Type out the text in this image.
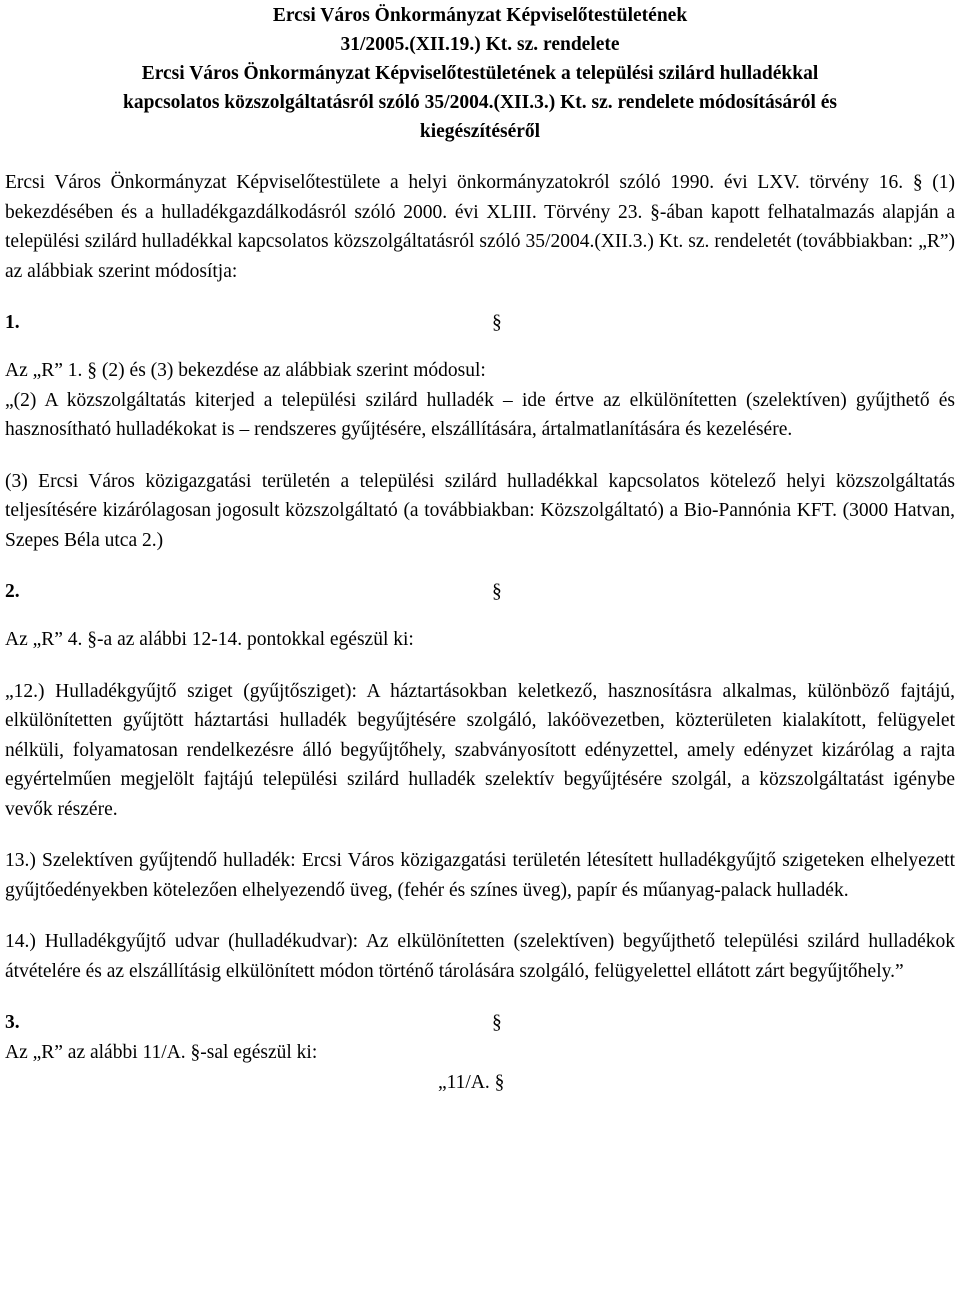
Ercsi Város Önkormányzat Képviselőtestületének
31/2005.(XII.19.) Kt. sz. rendelete
Ercsi Város Önkormányzat Képviselőtestületének a települési szilárd hulladékkal
kapcsolatos közszolgáltatásról szóló 35/2004.(XII.3.) Kt. sz. rendelete módosításáról és
kiegészítéséről

Ercsi Város Önkormányzat Képviselőtestülete a helyi önkormányzatokról szóló 1990. évi LXV. törvény 16. § (1) bekezdésében és a hulladékgazdálkodásról szóló 2000. évi XLIII. Törvény 23. §-ában kapott felhatalmazás alapján a települési szilárd hulladékkal kapcsolatos közszolgáltatásról szóló 35/2004.(XII.3.) Kt. sz. rendeletét (továbbiakban: „R”) az alábbiak szerint módosítja:

1.	§

Az „R” 1. § (2) és (3) bekezdése az alábbiak szerint módosul:

„(2) A közszolgáltatás kiterjed a települési szilárd hulladék – ide értve az elkülönítetten (szelektíven) gyűjthető és hasznosítható hulladékokat is – rendszeres gyűjtésére, elszállítására, ártalmatlanítására és kezelésére.

(3) Ercsi Város közigazgatási területén a települési szilárd hulladékkal kapcsolatos kötelező helyi közszolgáltatás teljesítésére kizárólagosan jogosult közszolgáltató (a továbbiakban: Közszolgáltató) a Bio-Pannónia KFT. (3000 Hatvan, Szepes Béla utca 2.)

2.	§

Az „R” 4. §-a az alábbi 12-14. pontokkal egészül ki:

„12.) Hulladékgyűjtő sziget (gyűjtősziget): A háztartásokban keletkező, hasznosításra alkalmas, különböző fajtájú, elkülönítetten gyűjtött háztartási hulladék begyűjtésére szolgáló, lakóövezetben, közterületen kialakított, felügyelet nélküli, folyamatosan rendelkezésre álló begyűjtőhely, szabványosított edényzettel, amely edényzet kizárólag a rajta egyértelműen megjelölt fajtájú települési szilárd hulladék szelektív begyűjtésére szolgál, a közszolgáltatást igénybe vevők részére.

13.) Szelektíven gyűjtendő hulladék: Ercsi Város közigazgatási területén létesített hulladékgyűjtő szigeteken elhelyezett gyűjtőedényekben kötelezően elhelyezendő üveg, (fehér és színes üveg), papír és műanyag-palack hulladék.

14.) Hulladékgyűjtő udvar (hulladékudvar): Az elkülönítetten (szelektíven) begyűjthető települési szilárd hulladékok átvételére és az elszállításig elkülönített módon történő tárolására szolgáló, felügyelettel ellátott zárt begyűjtőhely.”

3.	§

Az „R” az alábbi 11/A. §-sal egészül ki:

„11/A. §
